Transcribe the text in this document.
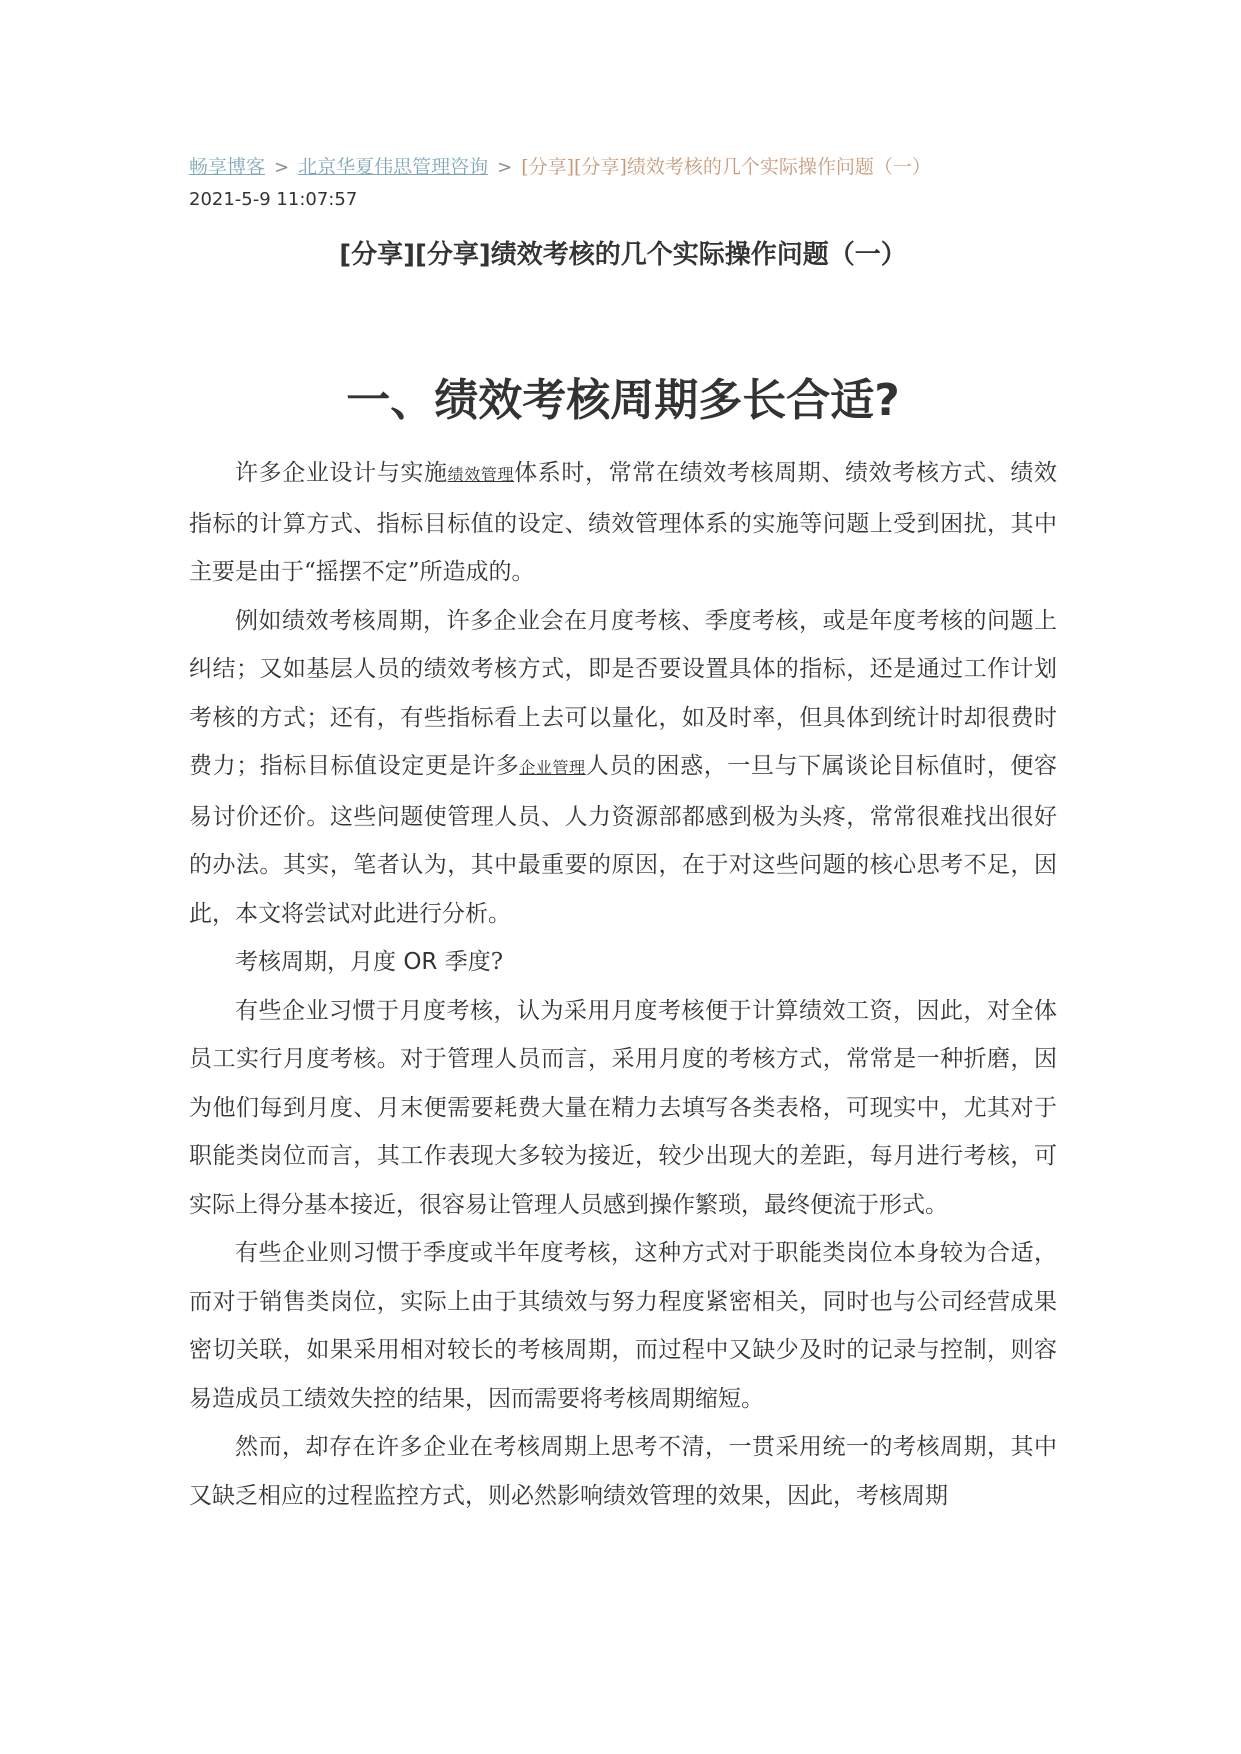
畅享博客 > 北京华夏伟思管理咨询 > [分享][分享]绩效考核的几个实际操作问题（一）
2021-5-9 11:07:57
[分享][分享]绩效考核的几个实际操作问题（一）
一、绩效考核周期多长合适?

许多企业设计与实施绩效管理体系时，常常在绩效考核周期、绩效考核方式、绩效指标的计算方式、指标目标值的设定、绩效管理体系的实施等问题上受到困扰，其中主要是由于“摇摆不定”所造成的。

例如绩效考核周期，许多企业会在月度考核、季度考核，或是年度考核的问题上纠结；又如基层人员的绩效考核方式，即是否要设置具体的指标，还是通过工作计划考核的方式；还有，有些指标看上去可以量化，如及时率，但具体到统计时却很费时费力；指标目标值设定更是许多企业管理人员的困惑，一旦与下属谈论目标值时，便容易讨价还价。这些问题使管理人员、人力资源部都感到极为头疼，常常很难找出很好的办法。其实，笔者认为，其中最重要的原因，在于对这些问题的核心思考不足，因此，本文将尝试对此进行分析。

考核周期，月度 OR 季度?

有些企业习惯于月度考核，认为采用月度考核便于计算绩效工资，因此，对全体员工实行月度考核。对于管理人员而言，采用月度的考核方式，常常是一种折磨，因为他们每到月度、月末便需要耗费大量在精力去填写各类表格，可现实中，尤其对于职能类岗位而言，其工作表现大多较为接近，较少出现大的差距，每月进行考核，可实际上得分基本接近，很容易让管理人员感到操作繁琐，最终便流于形式。

有些企业则习惯于季度或半年度考核，这种方式对于职能类岗位本身较为合适，而对于销售类岗位，实际上由于其绩效与努力程度紧密相关，同时也与公司经营成果密切关联，如果采用相对较长的考核周期，而过程中又缺少及时的记录与控制，则容易造成员工绩效失控的结果，因而需要将考核周期缩短。

然而，却存在许多企业在考核周期上思考不清，一贯采用统一的考核周期，其中又缺乏相应的过程监控方式，则必然影响绩效管理的效果，因此，考核周期
